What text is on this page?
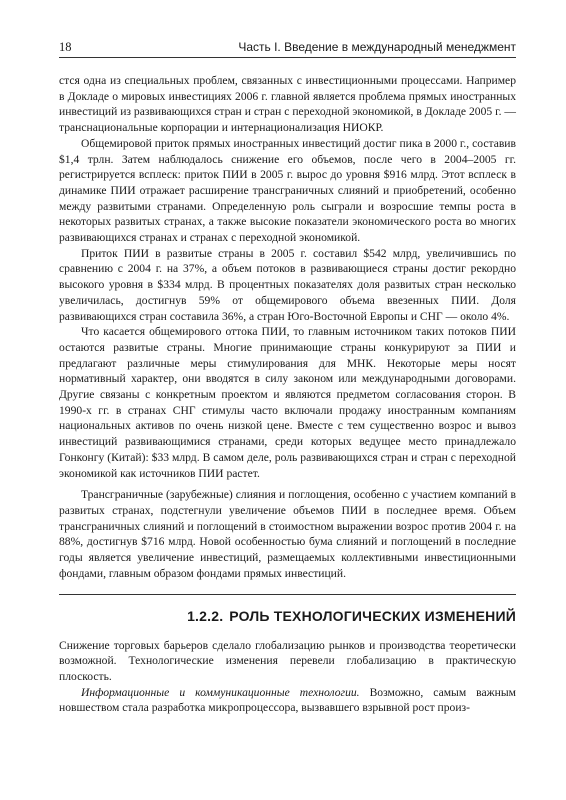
18	Часть I. Введение в международный менеджмент

стся одна из специальных проблем, связанных с инвестиционными процессами. Например в Докладе о мировых инвестициях 2006 г. главной является проблема прямых иностранных инвестиций из развивающихся стран и стран с переходной экономикой, в Докладе 2005 г. — транснациональные корпорации и интернационализация НИОКР.

Общемировой приток прямых иностранных инвестиций достиг пика в 2000 г., составив $1,4 трлн. Затем наблюдалось снижение его объемов, после чего в 2004–2005 гг. регистрируется всплеск: приток ПИИ в 2005 г. вырос до уровня $916 млрд. Этот всплеск в динамике ПИИ отражает расширение трансграничных слияний и приобретений, особенно между развитыми странами. Определенную роль сыграли и возросшие темпы роста в некоторых развитых странах, а также высокие показатели экономического роста во многих развивающихся странах и странах с переходной экономикой.

Приток ПИИ в развитые страны в 2005 г. составил $542 млрд, увеличившись по сравнению с 2004 г. на 37%, а объем потоков в развивающиеся страны достиг рекордно высокого уровня в $334 млрд. В процентных показателях доля развитых стран несколько увеличилась, достигнув 59% от общемирового объема ввезенных ПИИ. Доля развивающихся стран составила 36%, а стран Юго-Восточной Европы и СНГ — около 4%.

Что касается общемирового оттока ПИИ, то главным источником таких потоков ПИИ остаются развитые страны. Многие принимающие страны конкурируют за ПИИ и предлагают различные меры стимулирования для МНК. Некоторые меры носят нормативный характер, они вводятся в силу законом или международными договорами. Другие связаны с конкретным проектом и являются предметом согласования сторон. В 1990-х гг. в странах СНГ стимулы часто включали продажу иностранным компаниям национальных активов по очень низкой цене. Вместе с тем существенно возрос и вывоз инвестиций развивающимися странами, среди которых ведущее место принадлежало Гонконгу (Китай): $33 млрд. В самом деле, роль развивающихся стран и стран с переходной экономикой как источников ПИИ растет.

Трансграничные (зарубежные) слияния и поглощения, особенно с участием компаний в развитых странах, подстегнули увеличение объемов ПИИ в последнее время. Объем трансграничных слияний и поглощений в стоимостном выражении возрос против 2004 г. на 88%, достигнув $716 млрд. Новой особенностью бума слияний и поглощений в последние годы является увеличение инвестиций, размещаемых коллективными инвестиционными фондами, главным образом фондами прямых инвестиций.

1.2.2. РОЛЬ ТЕХНОЛОГИЧЕСКИХ ИЗМЕНЕНИЙ

Снижение торговых барьеров сделало глобализацию рынков и производства теоретически возможной. Технологические изменения перевели глобализацию в практическую плоскость.

Информационные и коммуникационные технологии. Возможно, самым важным новшеством стала разработка микропроцессора, вызвавшего взрывной рост произ-
